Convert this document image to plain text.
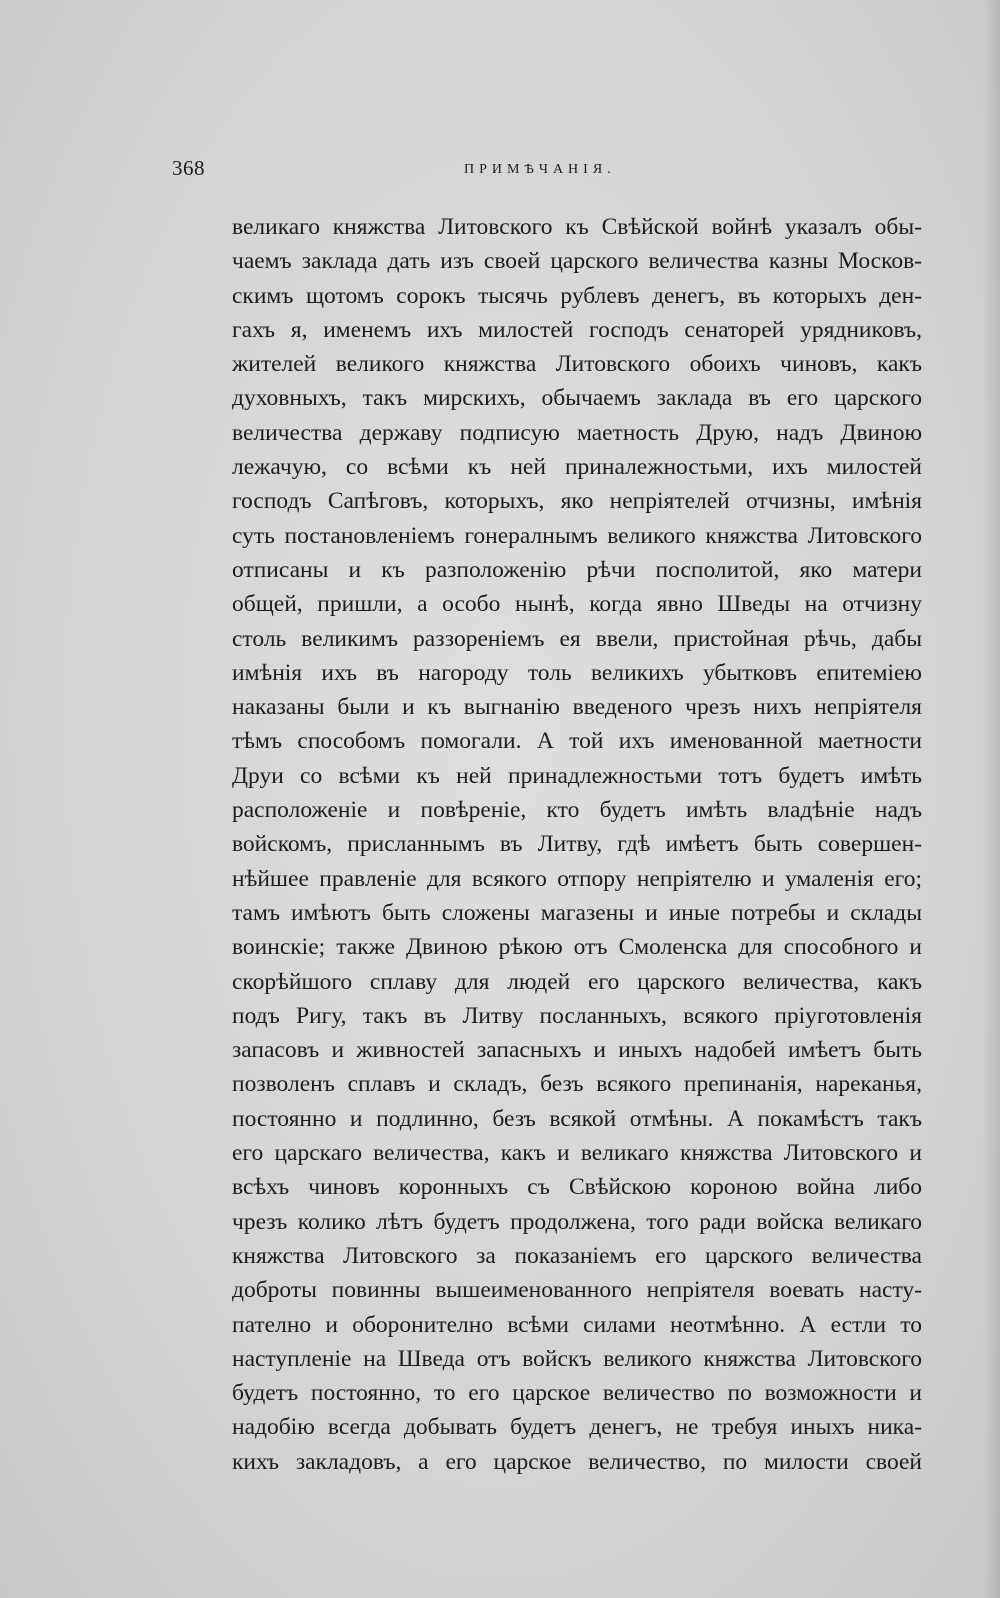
368	ПРИМѢЧАНІЯ.
великаго княжства Литовского къ Свѣйской войнѣ указалъ обы-
чаемъ заклада дать изъ своей царского величества казны Москов-
скимъ щотомъ сорокъ тысячь рублевъ денегъ, въ которыхъ ден-
гахъ я, именемъ ихъ милостей господъ сенаторей урядниковъ,
жителей великого княжства Литовского обоихъ чиновъ, какъ
духовныхъ, такъ мирскихъ, обычаемъ заклада въ его царского
величества державу подписую маетность Друю, надъ Двиною
лежачую, со всѣми къ ней приналежностьми, ихъ милостей
господъ Сапѣговъ, которыхъ, яко непріятелей отчизны, имѣнія
суть постановленіемъ гонералнымъ великого княжства Литовского
отписаны и къ разположенію рѣчи посполитой, яко матери
общей, пришли, а особо нынѣ, когда явно Шведы на отчизну
столь великимъ раззореніемъ ея ввели, пристойная рѣчь, дабы
имѣнія ихъ въ нагороду толь великихъ убытковъ епитеміею
наказаны были и къ выгнанію введеного чрезъ нихъ непріятеля
тѣмъ способомъ помогали. А той ихъ именованной маетности
Друи со всѣми къ ней принадлежностьми тотъ будетъ имѣть
расположеніе и повѣреніе, кто будетъ имѣть владѣніе надъ
войскомъ, присланнымъ въ Литву, гдѣ имѣетъ быть совершен-
нѣйшее правленіе для всякого отпору непріятелю и умаленія его;
тамъ имѣютъ быть сложены магазены и иные потребы и склады
воинскіе; также Двиною рѣкою отъ Смоленска для способного и
скорѣйшого сплаву для людей его царского величества, какъ
подъ Ригу, такъ въ Литву посланныхъ, всякого пріуготовленія
запасовъ и живностей запасныхъ и иныхъ надобей имѣетъ быть
позволенъ сплавъ и складъ, безъ всякого препинанія, нареканья,
постоянно и подлинно, безъ всякой отмѣны. А покамѣстъ такъ
его царскаго величества, какъ и великаго княжства Литовского и
всѣхъ чиновъ коронныхъ съ Свѣйскою короною война либо
чрезъ колико лѣтъ будетъ продолжена, того ради войска великаго
княжства Литовского за показаніемъ его царского величества
доброты повинны вышеименованного непріятеля воевать насту-
пателно и оборонително всѣми силами неотмѣнно. А естли то
наступленіе на Шведа отъ войскъ великого княжства Литовского
будетъ постоянно, то его царское величество по возможности и
надобію всегда добывать будетъ денегъ, не требуя иныхъ ника-
кихъ закладовъ, а его царское величество, по милости своей
